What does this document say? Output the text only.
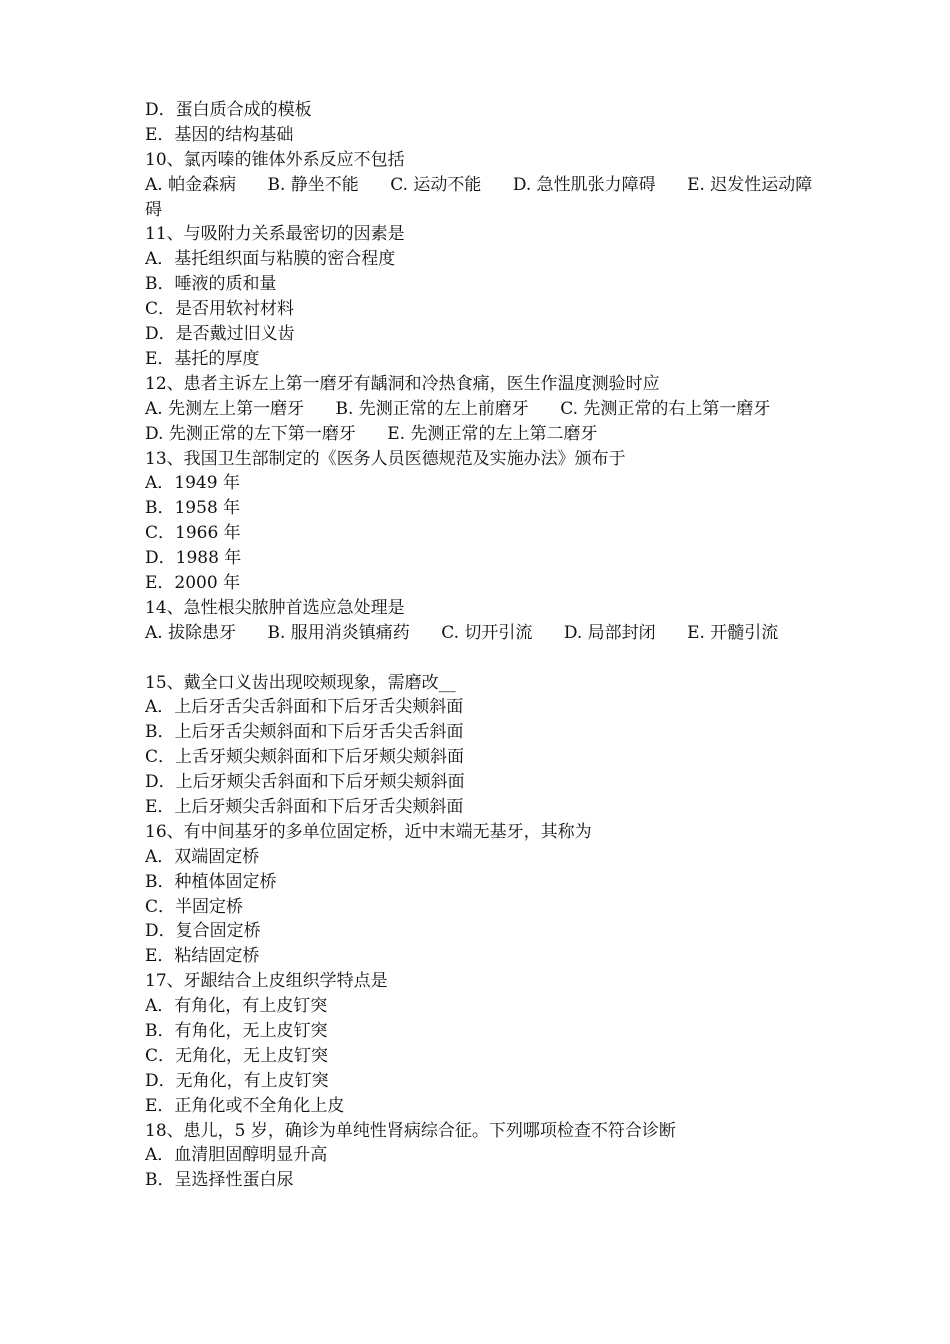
D．蛋白质合成的模板
E．基因的结构基础
10、氯丙嗪的锥体外系反应不包括
A. 帕金森病 B. 静坐不能 C. 运动不能 D. 急性肌张力障碍 E. 迟发性运动障碍
11、与吸附力关系最密切的因素是
A．基托组织面与粘膜的密合程度
B．唾液的质和量
C．是否用软衬材料
D．是否戴过旧义齿
E．基托的厚度
12、患者主诉左上第一磨牙有龋洞和冷热食痛，医生作温度测验时应
A. 先测左上第一磨牙 B. 先测正常的左上前磨牙 C. 先测正常的右上第一磨牙 D. 先测正常的左下第一磨牙 E. 先测正常的左上第二磨牙
13、我国卫生部制定的《医务人员医德规范及实施办法》颁布于
A．1949 年
B．1958 年
C．1966 年
D．1988 年
E．2000 年
14、急性根尖脓肿首选应急处理是
A. 拔除患牙 B. 服用消炎镇痛药 C. 切开引流 D. 局部封闭 E. 开髓引流
15、戴全口义齿出现咬颊现象，需磨改__
A．上后牙舌尖舌斜面和下后牙舌尖颊斜面
B．上后牙舌尖颊斜面和下后牙舌尖舌斜面
C．上舌牙颊尖颊斜面和下后牙颊尖颊斜面
D．上后牙颊尖舌斜面和下后牙颊尖颊斜面
E．上后牙颊尖舌斜面和下后牙舌尖颊斜面
16、有中间基牙的多单位固定桥，近中末端无基牙，其称为
A．双端固定桥
B．种植体固定桥
C．半固定桥
D．复合固定桥
E．粘结固定桥
17、牙龈结合上皮组织学特点是
A．有角化，有上皮钉突
B．有角化，无上皮钉突
C．无角化，无上皮钉突
D．无角化，有上皮钉突
E．正角化或不全角化上皮
18、患儿，5 岁，确诊为单纯性肾病综合征。下列哪项检查不符合诊断
A．血清胆固醇明显升高
B．呈选择性蛋白尿
